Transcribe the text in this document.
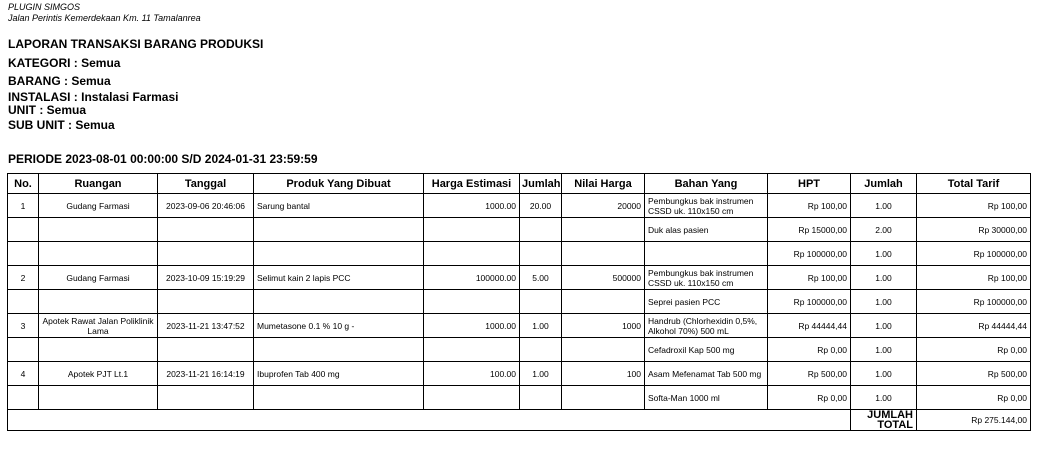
PLUGIN SIMGOS
Jalan Perintis Kemerdekaan Km. 11 Tamalanrea
LAPORAN TRANSAKSI BARANG PRODUKSI
KATEGORI : Semua
BARANG : Semua
INSTALASI : Instalasi Farmasi
UNIT : Semua
SUB UNIT : Semua
PERIODE 2023-08-01 00:00:00 S/D 2024-01-31 23:59:59
No.	Ruangan	Tanggal	Produk Yang Dibuat	Harga Estimasi	Jumlah	Nilai Harga	Bahan Yang	HPT	Jumlah	Total Tarif
1	Gudang Farmasi	2023-09-06 20:46:06	Sarung bantal	1000.00	20.00	20000	Pembungkus bak instrumen CSSD uk. 110x150 cm	Rp 100,00	1.00	Rp 100,00
							Duk alas pasien	Rp 15000,00	2.00	Rp 30000,00
								Rp 100000,00	1.00	Rp 100000,00
2	Gudang Farmasi	2023-10-09 15:19:29	Selimut kain 2 lapis PCC	100000.00	5.00	500000	Pembungkus bak instrumen CSSD uk. 110x150 cm	Rp 100,00	1.00	Rp 100,00
							Seprei pasien PCC	Rp 100000,00	1.00	Rp 100000,00
3	Apotek Rawat Jalan Poliklinik Lama	2023-11-21 13:47:52	Mumetasone 0.1 % 10 g -	1000.00	1.00	1000	Handrub (Chlorhexidin 0,5%, Alkohol 70%) 500 mL	Rp 44444,44	1.00	Rp 44444,44
							Cefadroxil Kap 500 mg	Rp 0,00	1.00	Rp 0,00
4	Apotek PJT Lt.1	2023-11-21 16:14:19	Ibuprofen Tab 400 mg	100.00	1.00	100	Asam Mefenamat Tab 500 mg	Rp 500,00	1.00	Rp 500,00
							Softa-Man 1000 ml	Rp 0,00	1.00	Rp 0,00
									JUMLAH TOTAL	Rp 275.144,00
